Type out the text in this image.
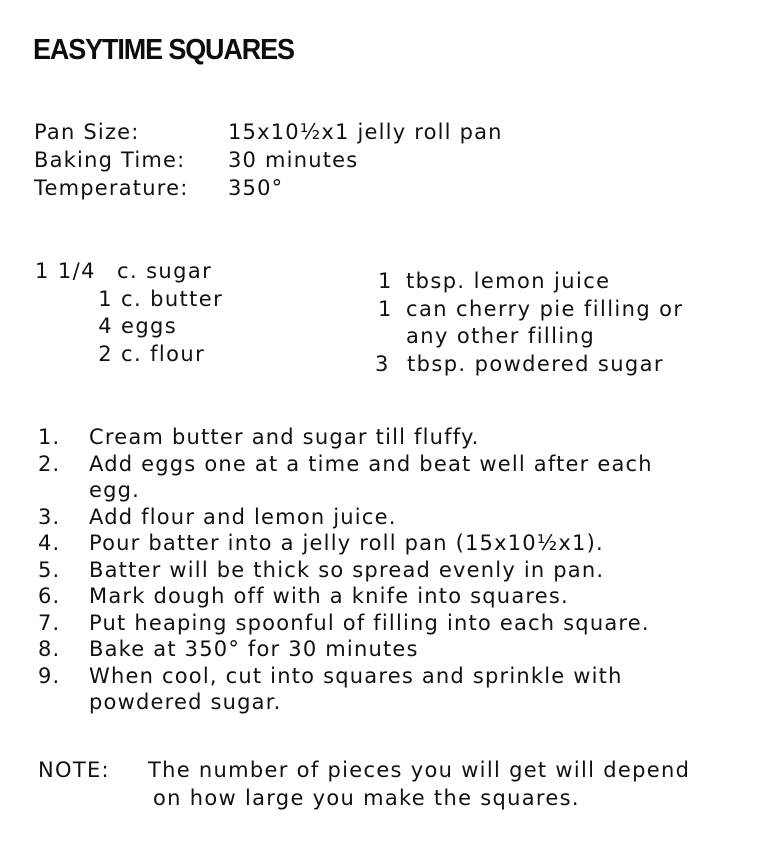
EASYTIME SQUARES
Pan Size:	15x10½x1 jelly roll pan
Baking Time:	30 minutes
Temperature:	350°
1 1/4	c. sugar
1 c. butter
4 eggs
2 c. flour
1 tbsp. lemon juice
1 can cherry pie filling or
any other filling
3 tbsp. powdered sugar
1.	Cream butter and sugar till fluffy.
2.	Add eggs one at a time and beat well after each egg.
3.	Add flour and lemon juice.
4.	Pour batter into a jelly roll pan (15x10½x1).
5.	Batter will be thick so spread evenly in pan.
6.	Mark dough off with a knife into squares.
7.	Put heaping spoonful of filling into each square.
8.	Bake at 350° for 30 minutes
9.	When cool, cut into squares and sprinkle with powdered sugar.
NOTE:	The number of pieces you will get will depend
on how large you make the squares.
